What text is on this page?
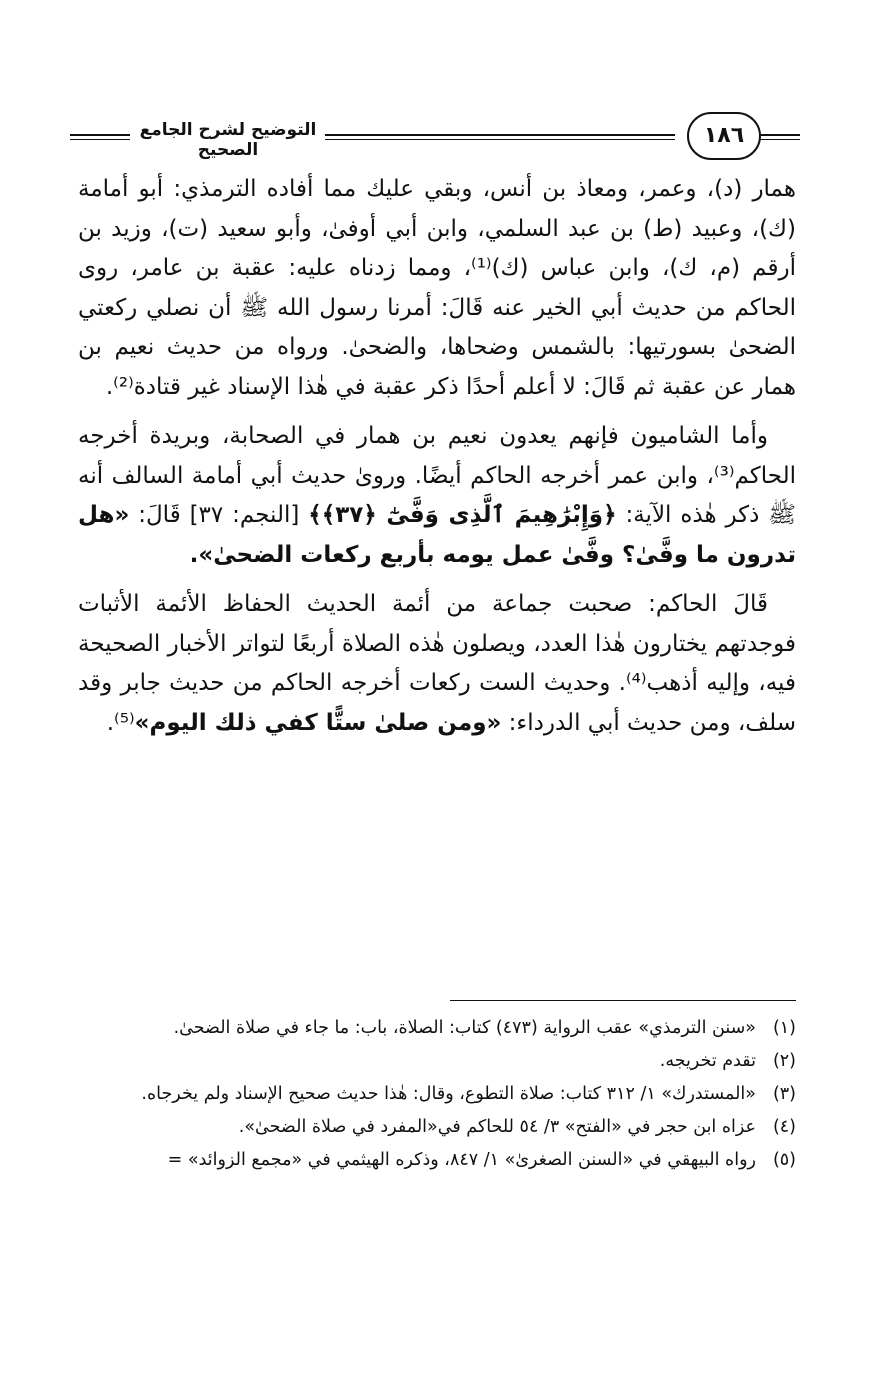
التوضيح لشرح الجامع الصحيح
١٨٦

همار (د)، وعمر، ومعاذ بن أنس، وبقي عليك مما أفاده الترمذي: أبو أمامة (ك)، وعبيد (ط) بن عبد السلمي، وابن أبي أوفىٰ، وأبو سعيد (ت)، وزيد بن أرقم (م، ك)، وابن عباس (ك)⁽¹⁾، ومما زدناه عليه: عقبة بن عامر، روى الحاكم من حديث أبي الخير عنه قَالَ: أمرنا رسول الله ﷺ أن نصلي ركعتي الضحىٰ بسورتيها: بالشمس وضحاها، والضحىٰ. ورواه من حديث نعيم بن همار عن عقبة ثم قَالَ: لا أعلم أحدًا ذكر عقبة في هٰذا الإسناد غير قتادة⁽²⁾.

وأما الشاميون فإنهم يعدون نعيم بن همار في الصحابة، وبريدة أخرجه الحاكم⁽³⁾، وابن عمر أخرجه الحاكم أيضًا. وروىٰ حديث أبي أمامة السالف أنه ﷺ ذكر هٰذه الآية: ﴿وَإِبْرَٰهِيمَ ٱلَّذِى وَفَّىٰٓ ﴿٣٧﴾﴾ [النجم: ٣٧] قَالَ: «هل تدرون ما وفَّىٰ؟ وفَّىٰ عمل يومه بأربع ركعات الضحىٰ».

قَالَ الحاكم: صحبت جماعة من أئمة الحديث الحفاظ الأئمة الأثبات فوجدتهم يختارون هٰذا العدد، ويصلون هٰذه الصلاة أربعًا لتواتر الأخبار الصحيحة فيه، وإليه أذهب⁽⁴⁾. وحديث الست ركعات أخرجه الحاكم من حديث جابر وقد سلف، ومن حديث أبي الدرداء: «ومن صلىٰ ستًّا كفي ذلك اليوم»⁽⁵⁾.

(١)
«سنن الترمذي» عقب الرواية (٤٧٣) كتاب: الصلاة، باب: ما جاء في صلاة الضحىٰ.
(٢)
تقدم تخريجه.
(٣)
«المستدرك» ١/ ٣١٢ كتاب: صلاة التطوع، وقال: هٰذا حديث صحيح الإسناد ولم يخرجاه.
(٤)
عزاه ابن حجر في «الفتح» ٣/ ٥٤ للحاكم في«المفرد في صلاة الضحىٰ».
(٥)
رواه البيهقي في «السنن الصغرىٰ» ١/ ٨٤٧، وذكره الهيثمي في «مجمع الزوائد» =
